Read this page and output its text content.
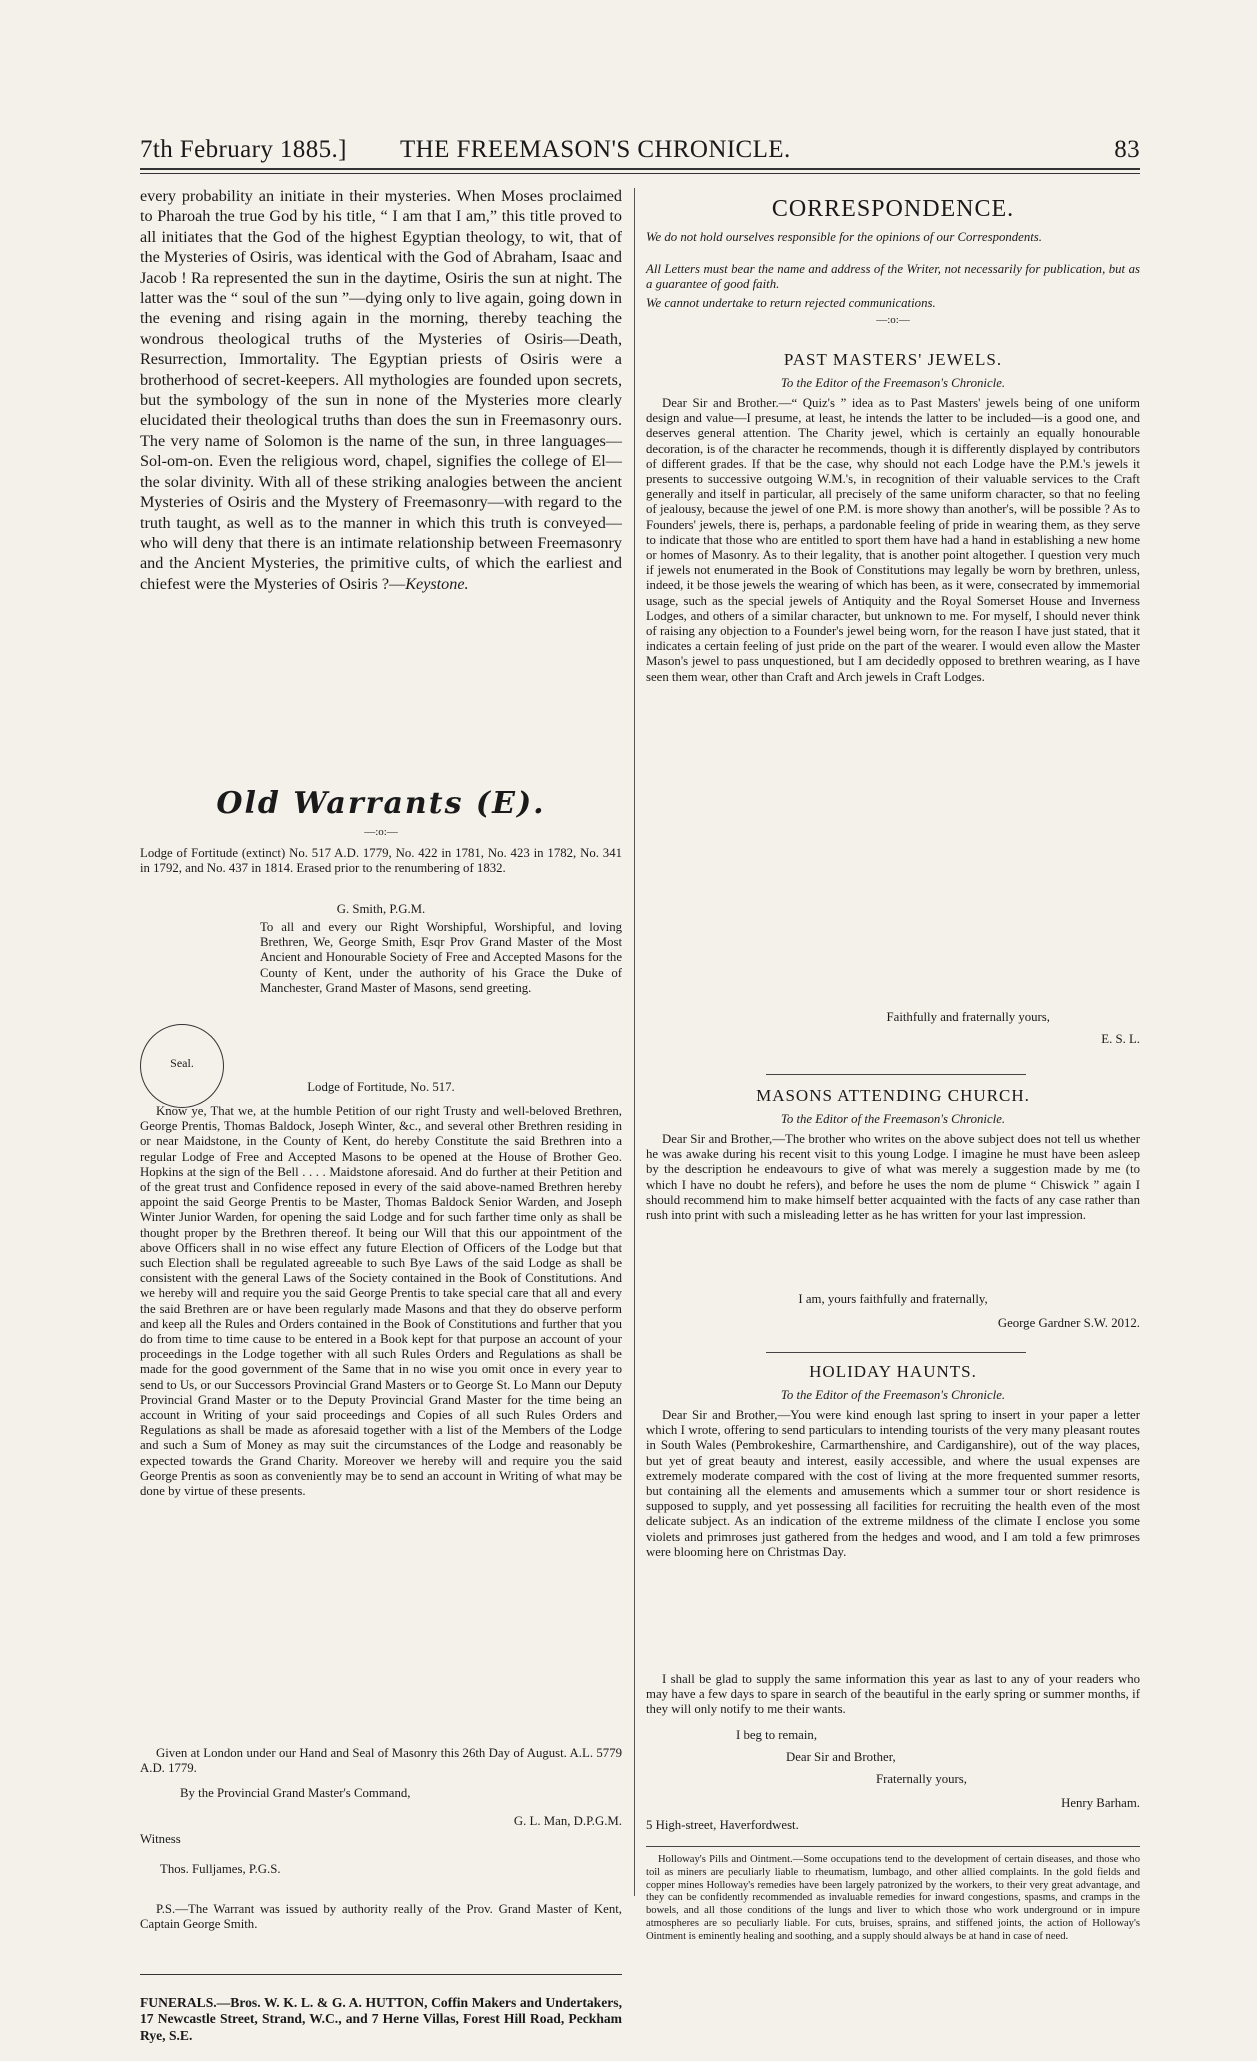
7th February 1885.] THE FREEMASON'S CHRONICLE.	83

every probability an initiate in their mysteries. When Moses proclaimed to Pharoah the true God by his title, “ I am that I am,” this title proved to all initiates that the God of the highest Egyptian theology, to wit, that of the Mysteries of Osiris, was identical with the God of Abraham, Isaac and Jacob ! Ra represented the sun in the daytime, Osiris the sun at night. The latter was the “ soul of the sun ”—dying only to live again, going down in the evening and rising again in the morning, thereby teaching the wondrous theological truths of the Mysteries of Osiris—Death, Resurrection, Immortality. The Egyptian priests of Osiris were a brotherhood of secret-keepers. All mythologies are founded upon secrets, but the symbology of the sun in none of the Mysteries more clearly elucidated their theological truths than does the sun in Freemasonry ours. The very name of Solomon is the name of the sun, in three languages—Sol-om-on. Even the religious word, chapel, signifies the college of El—the solar divinity. With all of these striking analogies between the ancient Mysteries of Osiris and the Mystery of Freemasonry—with regard to the truth taught, as well as to the manner in which this truth is conveyed—who will deny that there is an intimate relationship between Freemasonry and the Ancient Mysteries, the primitive cults, of which the earliest and chiefest were the Mysteries of Osiris ?—Keystone.

Old Warrants (E).
—:o:—

Lodge of Fortitude (extinct) No. 517 A.D. 1779, No. 422 in 1781, No. 423 in 1782, No. 341 in 1792, and No. 437 in 1814. Erased prior to the renumbering of 1832.

G. Smith, P.G.M.

Seal.

To all and every our Right Worshipful, Worshipful, and loving Brethren, We, George Smith, Esqr Prov Grand Master of the Most Ancient and Honourable Society of Free and Accepted Masons for the County of Kent, under the authority of his Grace the Duke of Manchester, Grand Master of Masons, send greeting.

Lodge of Fortitude, No. 517.

Know ye, That we, at the humble Petition of our right Trusty and well-beloved Brethren, George Prentis, Thomas Baldock, Joseph Winter, &c., and several other Brethren residing in or near Maidstone, in the County of Kent, do hereby Constitute the said Brethren into a regular Lodge of Free and Accepted Masons to be opened at the House of Brother Geo. Hopkins at the sign of the Bell . . . . Maidstone aforesaid. And do further at their Petition and of the great trust and Confidence reposed in every of the said above-named Brethren hereby appoint the said George Prentis to be Master, Thomas Baldock Senior Warden, and Joseph Winter Junior Warden, for opening the said Lodge and for such farther time only as shall be thought proper by the Brethren thereof. It being our Will that this our appointment of the above Officers shall in no wise effect any future Election of Officers of the Lodge but that such Election shall be regulated agreeable to such Bye Laws of the said Lodge as shall be consistent with the general Laws of the Society contained in the Book of Constitutions. And we hereby will and require you the said George Prentis to take special care that all and every the said Brethren are or have been regularly made Masons and that they do observe perform and keep all the Rules and Orders contained in the Book of Constitutions and further that you do from time to time cause to be entered in a Book kept for that purpose an account of your proceedings in the Lodge together with all such Rules Orders and Regulations as shall be made for the good government of the Same that in no wise you omit once in every year to send to Us, or our Successors Provincial Grand Masters or to George St. Lo Mann our Deputy Provincial Grand Master or to the Deputy Provincial Grand Master for the time being an account in Writing of your said proceedings and Copies of all such Rules Orders and Regulations as shall be made as aforesaid together with a list of the Members of the Lodge and such a Sum of Money as may suit the circumstances of the Lodge and reasonably be expected towards the Grand Charity. Moreover we hereby will and require you the said George Prentis as soon as conveniently may be to send an account in Writing of what may be done by virtue of these presents.

Given at London under our Hand and Seal of Masonry this 26th Day of August. A.L. 5779 A.D. 1779.

By the Provincial Grand Master's Command,

G. L. Man, D.P.G.M.

Witness

Thos. Fulljames, P.G.S.

P.S.—The Warrant was issued by authority really of the Prov. Grand Master of Kent, Captain George Smith.

FUNERALS.—Bros. W. K. L. & G. A. HUTTON, Coffin Makers and Undertakers, 17 Newcastle Street, Strand, W.C., and 7 Herne Villas, Forest Hill Road, Peckham Rye, S.E.

CORRESPONDENCE.

We do not hold ourselves responsible for the opinions of our Correspondents.

All Letters must bear the name and address of the Writer, not necessarily for publication, but as a guarantee of good faith.

We cannot undertake to return rejected communications.

—:o:—
PAST MASTERS' JEWELS.

To the Editor of the Freemason's Chronicle.

Dear Sir and Brother.—“ Quiz's ” idea as to Past Masters' jewels being of one uniform design and value—I presume, at least, he intends the latter to be included—is a good one, and deserves general attention. The Charity jewel, which is certainly an equally honourable decoration, is of the character he recommends, though it is differently displayed by contributors of different grades. If that be the case, why should not each Lodge have the P.M.'s jewels it presents to successive outgoing W.M.'s, in recognition of their valuable services to the Craft generally and itself in particular, all precisely of the same uniform character, so that no feeling of jealousy, because the jewel of one P.M. is more showy than another's, will be possible ? As to Founders' jewels, there is, perhaps, a pardonable feeling of pride in wearing them, as they serve to indicate that those who are entitled to sport them have had a hand in establishing a new home or homes of Masonry. As to their legality, that is another point altogether. I question very much if jewels not enumerated in the Book of Constitutions may legally be worn by brethren, unless, indeed, it be those jewels the wearing of which has been, as it were, consecrated by immemorial usage, such as the special jewels of Antiquity and the Royal Somerset House and Inverness Lodges, and others of a similar character, but unknown to me. For myself, I should never think of raising any objection to a Founder's jewel being worn, for the reason I have just stated, that it indicates a certain feeling of just pride on the part of the wearer. I would even allow the Master Mason's jewel to pass unquestioned, but I am decidedly opposed to brethren wearing, as I have seen them wear, other than Craft and Arch jewels in Craft Lodges.

Faithfully and fraternally yours,

E. S. L.

MASONS ATTENDING CHURCH.

To the Editor of the Freemason's Chronicle.

Dear Sir and Brother,—The brother who writes on the above subject does not tell us whether he was awake during his recent visit to this young Lodge. I imagine he must have been asleep by the description he endeavours to give of what was merely a suggestion made by me (to which I have no doubt he refers), and before he uses the nom de plume “ Chiswick ” again I should recommend him to make himself better acquainted with the facts of any case rather than rush into print with such a misleading letter as he has written for your last impression.

I am, yours faithfully and fraternally,

George Gardner S.W. 2012.

HOLIDAY HAUNTS.

To the Editor of the Freemason's Chronicle.

Dear Sir and Brother,—You were kind enough last spring to insert in your paper a letter which I wrote, offering to send particulars to intending tourists of the very many pleasant routes in South Wales (Pembrokeshire, Carmarthenshire, and Cardiganshire), out of the way places, but yet of great beauty and interest, easily accessible, and where the usual expenses are extremely moderate compared with the cost of living at the more frequented summer resorts, but containing all the elements and amusements which a summer tour or short residence is supposed to supply, and yet possessing all facilities for recruiting the health even of the most delicate subject. As an indication of the extreme mildness of the climate I enclose you some violets and primroses just gathered from the hedges and wood, and I am told a few primroses were blooming here on Christmas Day.

I shall be glad to supply the same information this year as last to any of your readers who may have a few days to spare in search of the beautiful in the early spring or summer months, if they will only notify to me their wants.

I beg to remain,

Dear Sir and Brother,

Fraternally yours,

Henry Barham.

5 High-street, Haverfordwest.

Holloway's Pills and Ointment.—Some occupations tend to the development of certain diseases, and those who toil as miners are peculiarly liable to rheumatism, lumbago, and other allied complaints. In the gold fields and copper mines Holloway's remedies have been largely patronized by the workers, to their very great advantage, and they can be confidently recommended as invaluable remedies for inward congestions, spasms, and cramps in the bowels, and all those conditions of the lungs and liver to which those who work underground or in impure atmospheres are so peculiarly liable. For cuts, bruises, sprains, and stiffened joints, the action of Holloway's Ointment is eminently healing and soothing, and a supply should always be at hand in case of need.
